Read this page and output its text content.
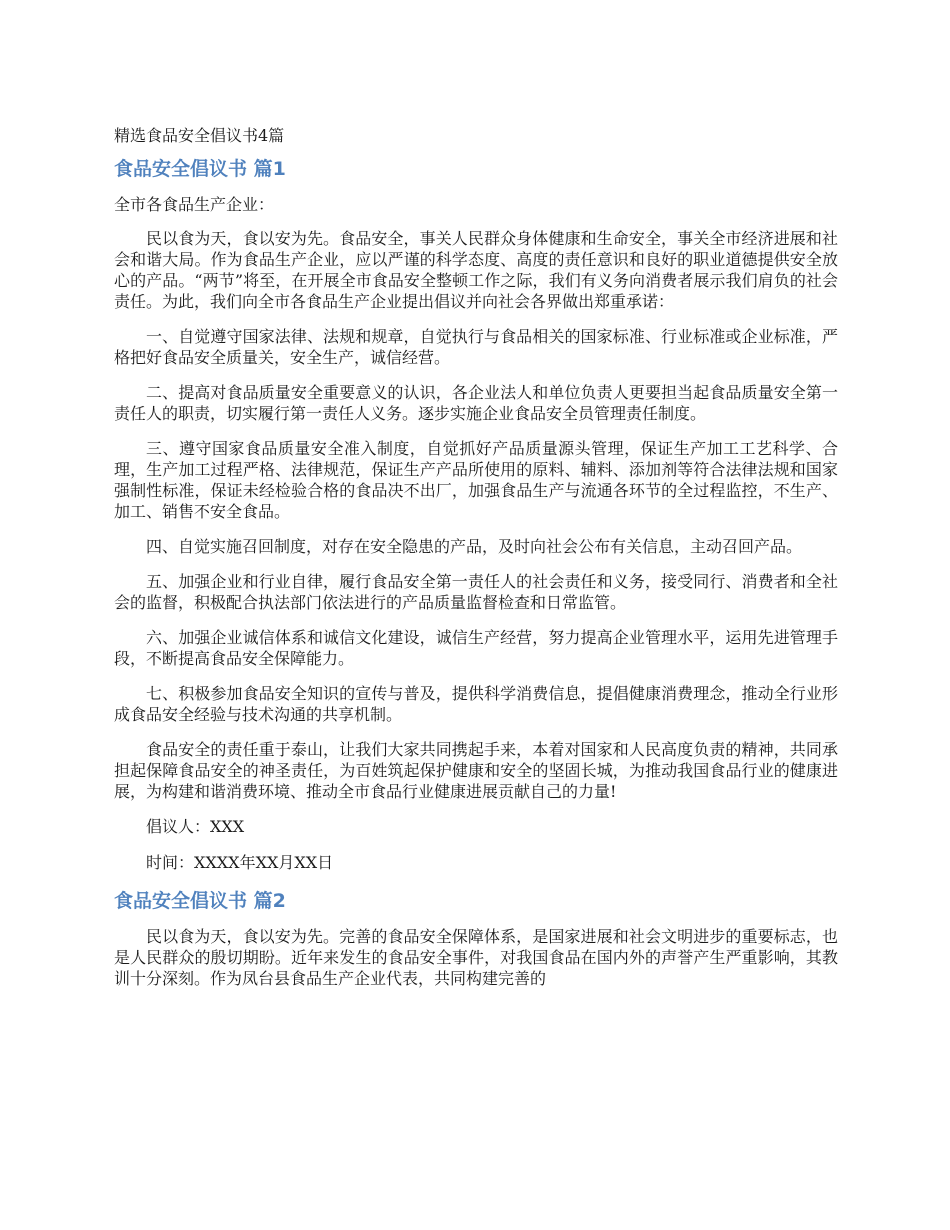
精选食品安全倡议书4篇
食品安全倡议书 篇1
全市各食品生产企业：

民以食为天，食以安为先。食品安全，事关人民群众身体健康和生命安全，事关全市经济进展和社会和谐大局。作为食品生产企业，应以严谨的科学态度、高度的责任意识和良好的职业道德提供安全放心的产品。“两节”将至，在开展全市食品安全整顿工作之际，我们有义务向消费者展示我们肩负的社会责任。为此，我们向全市各食品生产企业提出倡议并向社会各界做出郑重承诺：

一、自觉遵守国家法律、法规和规章，自觉执行与食品相关的国家标准、行业标准或企业标准，严格把好食品安全质量关，安全生产，诚信经营。

二、提高对食品质量安全重要意义的认识，各企业法人和单位负责人更要担当起食品质量安全第一责任人的职责，切实履行第一责任人义务。逐步实施企业食品安全员管理责任制度。

三、遵守国家食品质量安全准入制度，自觉抓好产品质量源头管理，保证生产加工工艺科学、合理，生产加工过程严格、法律规范，保证生产产品所使用的原料、辅料、添加剂等符合法律法规和国家强制性标准，保证未经检验合格的食品决不出厂，加强食品生产与流通各环节的全过程监控，不生产、加工、销售不安全食品。

四、自觉实施召回制度，对存在安全隐患的产品，及时向社会公布有关信息，主动召回产品。

五、加强企业和行业自律，履行食品安全第一责任人的社会责任和义务，接受同行、消费者和全社会的监督，积极配合执法部门依法进行的产品质量监督检查和日常监管。

六、加强企业诚信体系和诚信文化建设，诚信生产经营，努力提高企业管理水平，运用先进管理手段，不断提高食品安全保障能力。

七、积极参加食品安全知识的宣传与普及，提供科学消费信息，提倡健康消费理念，推动全行业形成食品安全经验与技术沟通的共享机制。

食品安全的责任重于泰山，让我们大家共同携起手来，本着对国家和人民高度负责的精神，共同承担起保障食品安全的神圣责任，为百姓筑起保护健康和安全的坚固长城，为推动我国食品行业的健康进展，为构建和谐消费环境、推动全市食品行业健康进展贡献自己的力量!

倡议人：XXX
时间：XXXX年XX月XX日
食品安全倡议书 篇2

民以食为天，食以安为先。完善的食品安全保障体系，是国家进展和社会文明进步的重要标志，也是人民群众的殷切期盼。近年来发生的食品安全事件，对我国食品在国内外的声誉产生严重影响，其教训十分深刻。作为凤台县食品生产企业代表，共同构建完善的
